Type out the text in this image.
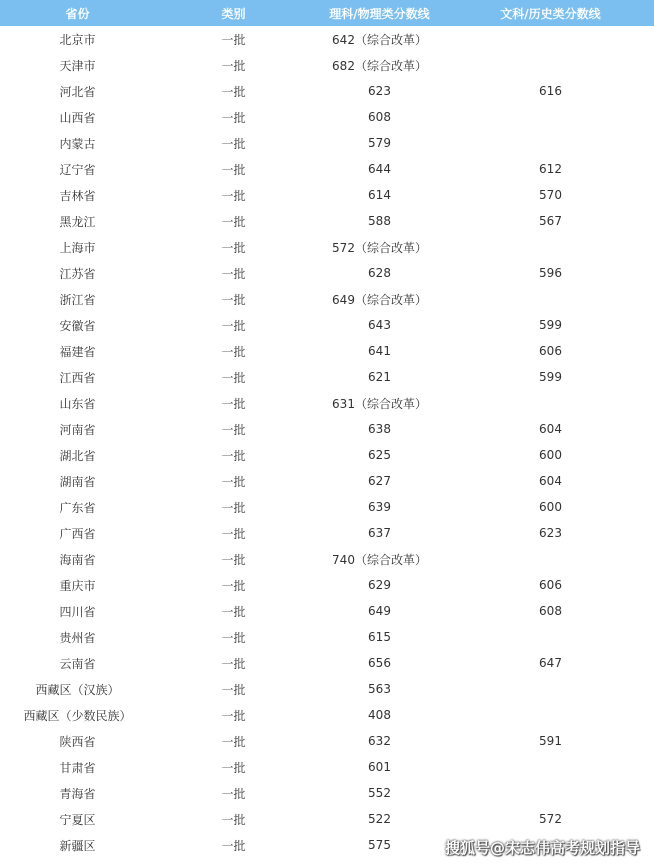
省份	类别	理科/物理类分数线	文科/历史类分数线
北京市	一批	642（综合改革）	
天津市	一批	682（综合改革）	
河北省	一批	623	616
山西省	一批	608	
内蒙古	一批	579	
辽宁省	一批	644	612
吉林省	一批	614	570
黑龙江	一批	588	567
上海市	一批	572（综合改革）	
江苏省	一批	628	596
浙江省	一批	649（综合改革）	
安徽省	一批	643	599
福建省	一批	641	606
江西省	一批	621	599
山东省	一批	631（综合改革）	
河南省	一批	638	604
湖北省	一批	625	600
湖南省	一批	627	604
广东省	一批	639	600
广西省	一批	637	623
海南省	一批	740（综合改革）	
重庆市	一批	629	606
四川省	一批	649	608
贵州省	一批	615	
云南省	一批	656	647
西藏区（汉族）	一批	563	
西藏区（少数民族）	一批	408	
陕西省	一批	632	591
甘肃省	一批	601	
青海省	一批	552	
宁夏区	一批	522	572
新疆区	一批	575		搜狐号@宋志伟高考规划指导
